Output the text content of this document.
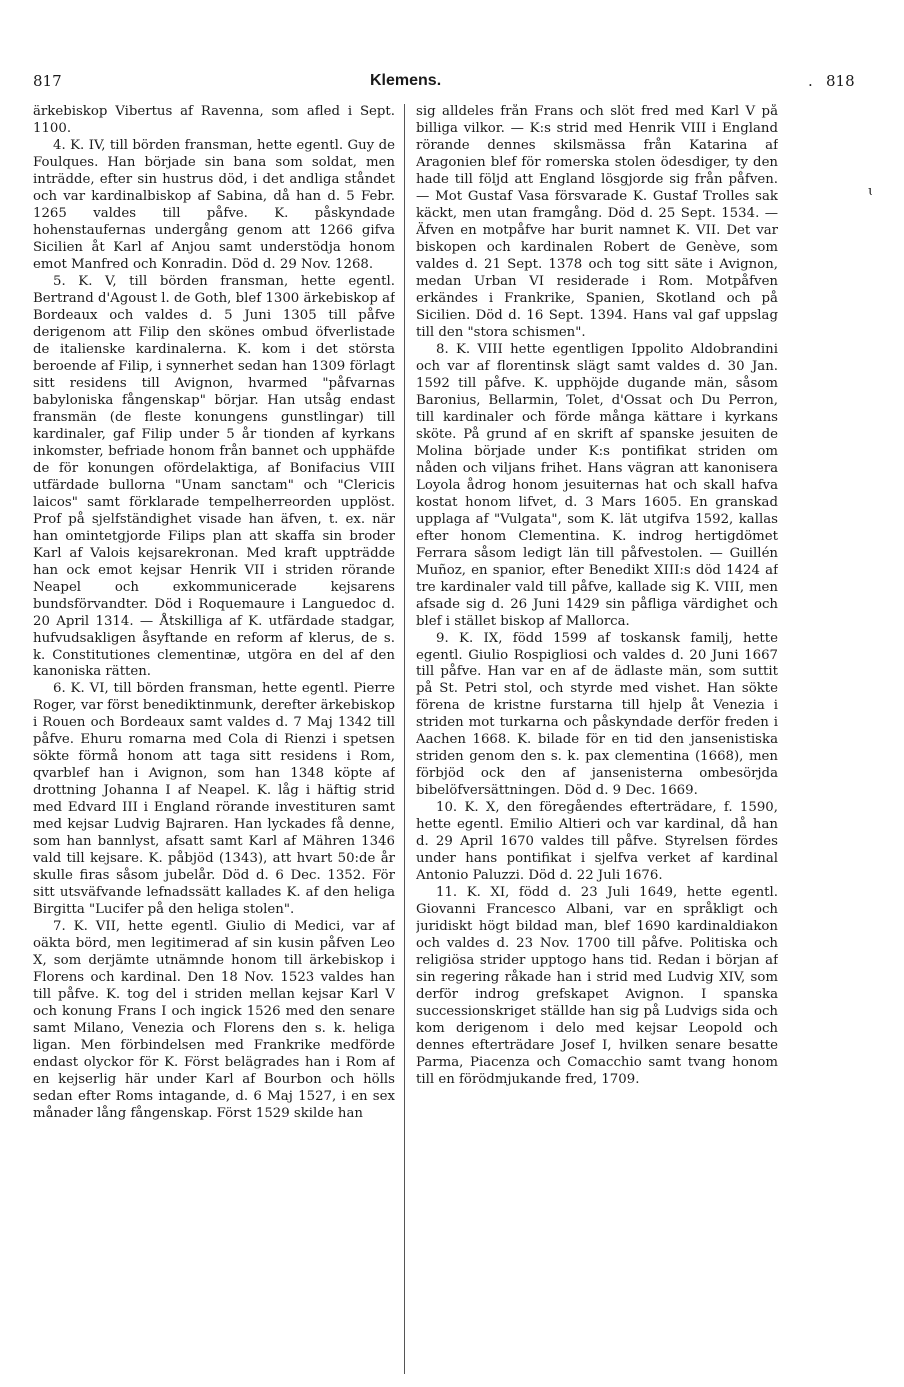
817	Klemens.	. 818

ärkebiskop Vibertus af Ravenna, som afled i Sept. 1100.

4. K. IV, till börden fransman, hette egentl. Guy de Foulques. Han började sin bana som soldat, men inträdde, efter sin hustrus död, i det andliga ståndet och var kardinalbiskop af Sabina, då han d. 5 Febr. 1265 valdes till påfve. K. påskyndade hohenstaufernas undergång genom att 1266 gifva Sicilien åt Karl af Anjou samt understödja honom emot Manfred och Konradin. Död d. 29 Nov. 1268.

5. K. V, till börden fransman, hette egentl. Bertrand d'Agoust l. de Goth, blef 1300 ärkebiskop af Bordeaux och valdes d. 5 Juni 1305 till påfve derigenom att Filip den skönes ombud öfverlistade de italienske kardinalerna. K. kom i det största beroende af Filip, i synnerhet sedan han 1309 förlagt sitt residens till Avignon, hvarmed "påfvarnas babyloniska fångenskap" börjar. Han utsåg endast fransmän (de fleste konungens gunstlingar) till kardinaler, gaf Filip under 5 år tionden af kyrkans inkomster, befriade honom från bannet och upphäfde de för konungen ofördelaktiga, af Bonifacius VIII utfärdade bullorna "Unam sanctam" och "Clericis laicos" samt förklarade tempelherreorden upplöst. Prof på sjelfständighet visade han äfven, t. ex. när han omintetgjorde Filips plan att skaffa sin broder Karl af Valois kejsarekronan. Med kraft uppträdde han ock emot kejsar Henrik VII i striden rörande Neapel och exkommunicerade kejsarens bundsförvandter. Död i Roquemaure i Languedoc d. 20 April 1314. — Åtskilliga af K. utfärdade stadgar, hufvudsakligen åsyftande en reform af klerus, de s. k. Constitutiones clementinæ, utgöra en del af den kanoniska rätten.

6. K. VI, till börden fransman, hette egentl. Pierre Roger, var först benediktinmunk, derefter ärkebiskop i Rouen och Bordeaux samt valdes d. 7 Maj 1342 till påfve. Ehuru romarna med Cola di Rienzi i spetsen sökte förmå honom att taga sitt residens i Rom, qvarblef han i Avignon, som han 1348 köpte af drottning Johanna I af Neapel. K. låg i häftig strid med Edvard III i England rörande investituren samt med kejsar Ludvig Bajraren. Han lyckades få denne, som han bannlyst, afsatt samt Karl af Mähren 1346 vald till kejsare. K. påbjöd (1343), att hvart 50:de år skulle firas såsom jubelår. Död d. 6 Dec. 1352. För sitt utsväfvande lefnadssätt kallades K. af den heliga Birgitta "Lucifer på den heliga stolen".

7. K. VII, hette egentl. Giulio di Medici, var af oäkta börd, men legitimerad af sin kusin påfven Leo X, som derjämte utnämnde honom till ärkebiskop i Florens och kardinal. Den 18 Nov. 1523 valdes han till påfve. K. tog del i striden mellan kejsar Karl V och konung Frans I och ingick 1526 med den senare samt Milano, Venezia och Florens den s. k. heliga ligan. Men förbindelsen med Frankrike medförde endast olyckor för K. Först belägrades han i Rom af en kejserlig här under Karl af Bourbon och hölls sedan efter Roms intagande, d. 6 Maj 1527, i en sex månader lång fångenskap. Först 1529 skilde han

sig alldeles från Frans och slöt fred med Karl V på billiga vilkor. — K:s strid med Henrik VIII i England rörande dennes skilsmässa från Katarina af Aragonien blef för romerska stolen ödesdiger, ty den hade till följd att England lösgjorde sig från påfven. — Mot Gustaf Vasa försvarade K. Gustaf Trolles sak käckt, men utan framgång. Död d. 25 Sept. 1534. — Äfven en motpåfve har burit namnet K. VII. Det var biskopen och kardinalen Robert de Genève, som valdes d. 21 Sept. 1378 och tog sitt säte i Avignon, medan Urban VI residerade i Rom. Motpåfven erkändes i Frankrike, Spanien, Skotland och på Sicilien. Död d. 16 Sept. 1394. Hans val gaf uppslag till den "stora schismen".

8. K. VIII hette egentligen Ippolito Aldobrandini och var af florentinsk slägt samt valdes d. 30 Jan. 1592 till påfve. K. upphöjde dugande män, såsom Baronius, Bellarmin, Tolet, d'Ossat och Du Perron, till kardinaler och förde många kättare i kyrkans sköte. På grund af en skrift af spanske jesuiten de Molina började under K:s pontifikat striden om nåden och viljans frihet. Hans vägran att kanonisera Loyola ådrog honom jesuiternas hat och skall hafva kostat honom lifvet, d. 3 Mars 1605. En granskad upplaga af "Vulgata", som K. lät utgifva 1592, kallas efter honom Clementina. K. indrog hertigdömet Ferrara såsom ledigt län till påfvestolen. — Guillén Muñoz, en spanior, efter Benedikt XIII:s död 1424 af tre kardinaler vald till påfve, kallade sig K. VIII, men afsade sig d. 26 Juni 1429 sin påfliga värdighet och blef i stället biskop af Mallorca.

9. K. IX, född 1599 af toskansk familj, hette egentl. Giulio Rospigliosi och valdes d. 20 Juni 1667 till påfve. Han var en af de ädlaste män, som suttit på St. Petri stol, och styrde med vishet. Han sökte förena de kristne furstarna till hjelp åt Venezia i striden mot turkarna och påskyndade derför freden i Aachen 1668. K. bilade för en tid den jansenistiska striden genom den s. k. pax clementina (1668), men förbjöd ock den af jansenisterna ombesörjda bibelöfversättningen. Död d. 9 Dec. 1669.

10. K. X, den föregåendes efterträdare, f. 1590, hette egentl. Emilio Altieri och var kardinal, då han d. 29 April 1670 valdes till påfve. Styrelsen fördes under hans pontifikat i sjelfva verket af kardinal Antonio Paluzzi. Död d. 22 Juli 1676.

11. K. XI, född d. 23 Juli 1649, hette egentl. Giovanni Francesco Albani, var en språkligt och juridiskt högt bildad man, blef 1690 kardinaldiakon och valdes d. 23 Nov. 1700 till påfve. Politiska och religiösa strider upptogo hans tid. Redan i början af sin regering råkade han i strid med Ludvig XIV, som derför indrog grefskapet Avignon. I spanska successionskriget ställde han sig på Ludvigs sida och kom derigenom i delo med kejsar Leopold och dennes efterträdare Josef I, hvilken senare besatte Parma, Piacenza och Comacchio samt tvang honom till en förödmjukande fred, 1709.

ɩ
